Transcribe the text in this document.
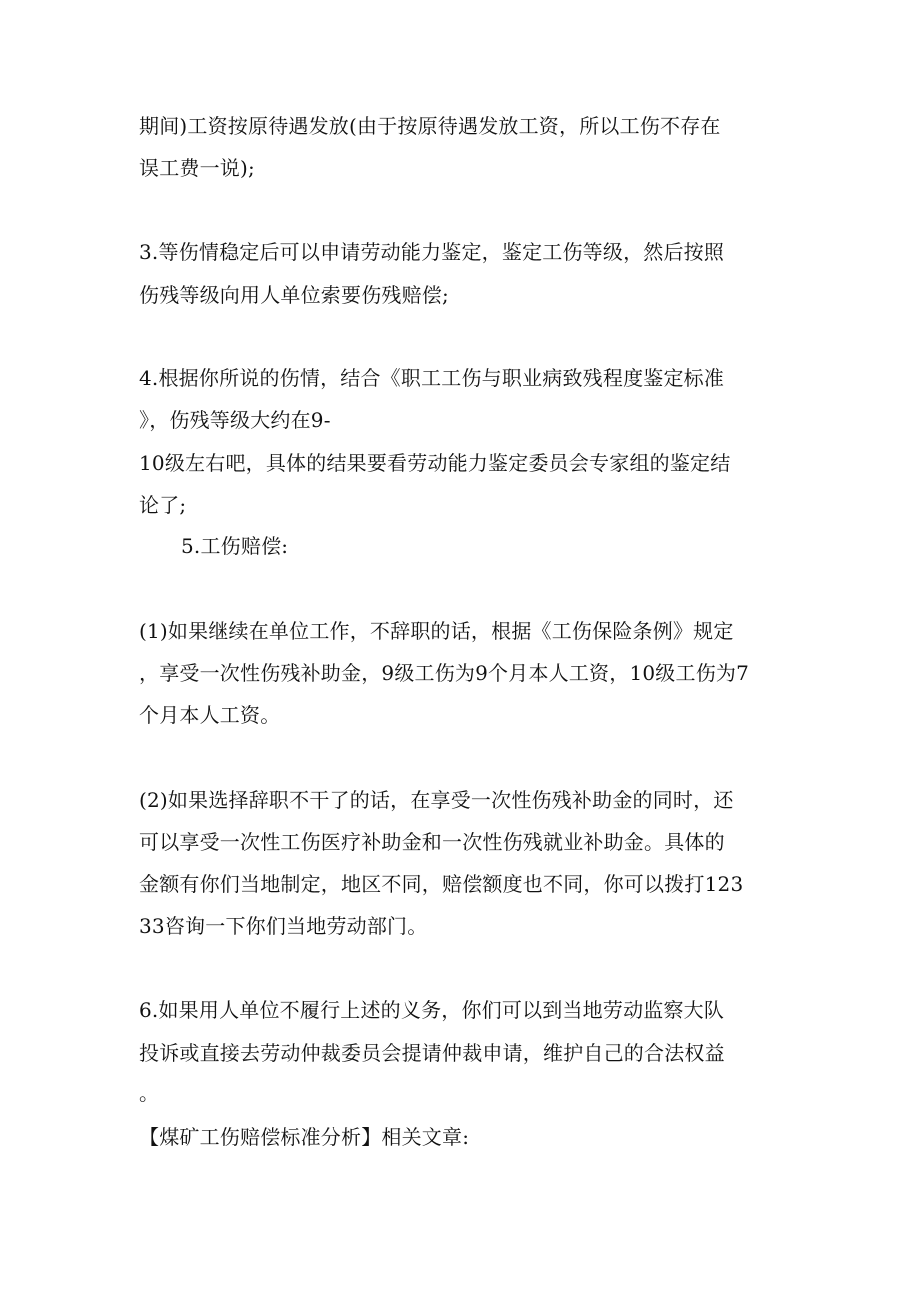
期间)工资按原待遇发放(由于按原待遇发放工资，所以工伤不存在
误工费一说);
3.等伤情稳定后可以申请劳动能力鉴定，鉴定工伤等级，然后按照
伤残等级向用人单位索要伤残赔偿;
4.根据你所说的伤情，结合《职工工伤与职业病致残程度鉴定标准
》，伤残等级大约在9-
10级左右吧，具体的结果要看劳动能力鉴定委员会专家组的鉴定结
论了;
5.工伤赔偿:
(1)如果继续在单位工作，不辞职的话，根据《工伤保险条例》规定
，享受一次性伤残补助金，9级工伤为9个月本人工资，10级工伤为7
个月本人工资。
(2)如果选择辞职不干了的话，在享受一次性伤残补助金的同时，还
可以享受一次性工伤医疗补助金和一次性伤残就业补助金。具体的
金额有你们当地制定，地区不同，赔偿额度也不同，你可以拨打123
33咨询一下你们当地劳动部门。
6.如果用人单位不履行上述的义务，你们可以到当地劳动监察大队
投诉或直接去劳动仲裁委员会提请仲裁申请，维护自己的合法权益
。
【煤矿工伤赔偿标准分析】相关文章:
